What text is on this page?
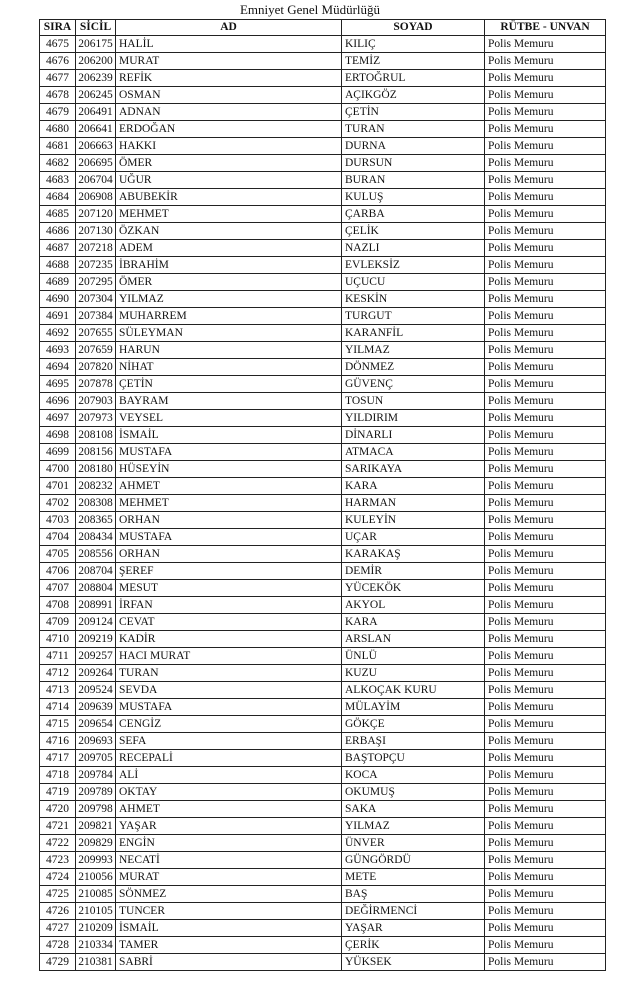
Emniyet Genel Müdürlüğü
SIRA	SİCİL	AD	SOYAD	RÜTBE - UNVAN
4675	206175	HALİL	KILIÇ	Polis Memuru
4676	206200	MURAT	TEMİZ	Polis Memuru
4677	206239	REFİK	ERTOĞRUL	Polis Memuru
4678	206245	OSMAN	AÇIKGÖZ	Polis Memuru
4679	206491	ADNAN	ÇETİN	Polis Memuru
4680	206641	ERDOĞAN	TURAN	Polis Memuru
4681	206663	HAKKI	DURNA	Polis Memuru
4682	206695	ÖMER	DURSUN	Polis Memuru
4683	206704	UĞUR	BURAN	Polis Memuru
4684	206908	ABUBEKİR	KULUŞ	Polis Memuru
4685	207120	MEHMET	ÇARBA	Polis Memuru
4686	207130	ÖZKAN	ÇELİK	Polis Memuru
4687	207218	ADEM	NAZLI	Polis Memuru
4688	207235	İBRAHİM	EVLEKSİZ	Polis Memuru
4689	207295	ÖMER	UÇUCU	Polis Memuru
4690	207304	YILMAZ	KESKİN	Polis Memuru
4691	207384	MUHARREM	TURGUT	Polis Memuru
4692	207655	SÜLEYMAN	KARANFİL	Polis Memuru
4693	207659	HARUN	YILMAZ	Polis Memuru
4694	207820	NİHAT	DÖNMEZ	Polis Memuru
4695	207878	ÇETİN	GÜVENÇ	Polis Memuru
4696	207903	BAYRAM	TOSUN	Polis Memuru
4697	207973	VEYSEL	YILDIRIM	Polis Memuru
4698	208108	İSMAİL	DİNARLI	Polis Memuru
4699	208156	MUSTAFA	ATMACA	Polis Memuru
4700	208180	HÜSEYİN	SARIKAYA	Polis Memuru
4701	208232	AHMET	KARA	Polis Memuru
4702	208308	MEHMET	HARMAN	Polis Memuru
4703	208365	ORHAN	KULEYİN	Polis Memuru
4704	208434	MUSTAFA	UÇAR	Polis Memuru
4705	208556	ORHAN	KARAKAŞ	Polis Memuru
4706	208704	ŞEREF	DEMİR	Polis Memuru
4707	208804	MESUT	YÜCEKÖK	Polis Memuru
4708	208991	İRFAN	AKYOL	Polis Memuru
4709	209124	CEVAT	KARA	Polis Memuru
4710	209219	KADİR	ARSLAN	Polis Memuru
4711	209257	HACI MURAT	ÜNLÜ	Polis Memuru
4712	209264	TURAN	KUZU	Polis Memuru
4713	209524	SEVDA	ALKOÇAK KURU	Polis Memuru
4714	209639	MUSTAFA	MÜLAYİM	Polis Memuru
4715	209654	CENGİZ	GÖKÇE	Polis Memuru
4716	209693	SEFA	ERBAŞI	Polis Memuru
4717	209705	RECEPALİ	BAŞTOPÇU	Polis Memuru
4718	209784	ALİ	KOCA	Polis Memuru
4719	209789	OKTAY	OKUMUŞ	Polis Memuru
4720	209798	AHMET	SAKA	Polis Memuru
4721	209821	YAŞAR	YILMAZ	Polis Memuru
4722	209829	ENGİN	ÜNVER	Polis Memuru
4723	209993	NECATİ	GÜNGÖRDÜ	Polis Memuru
4724	210056	MURAT	METE	Polis Memuru
4725	210085	SÖNMEZ	BAŞ	Polis Memuru
4726	210105	TUNCER	DEĞİRMENCİ	Polis Memuru
4727	210209	İSMAİL	YAŞAR	Polis Memuru
4728	210334	TAMER	ÇERİK	Polis Memuru
4729	210381	SABRİ	YÜKSEK	Polis Memuru
